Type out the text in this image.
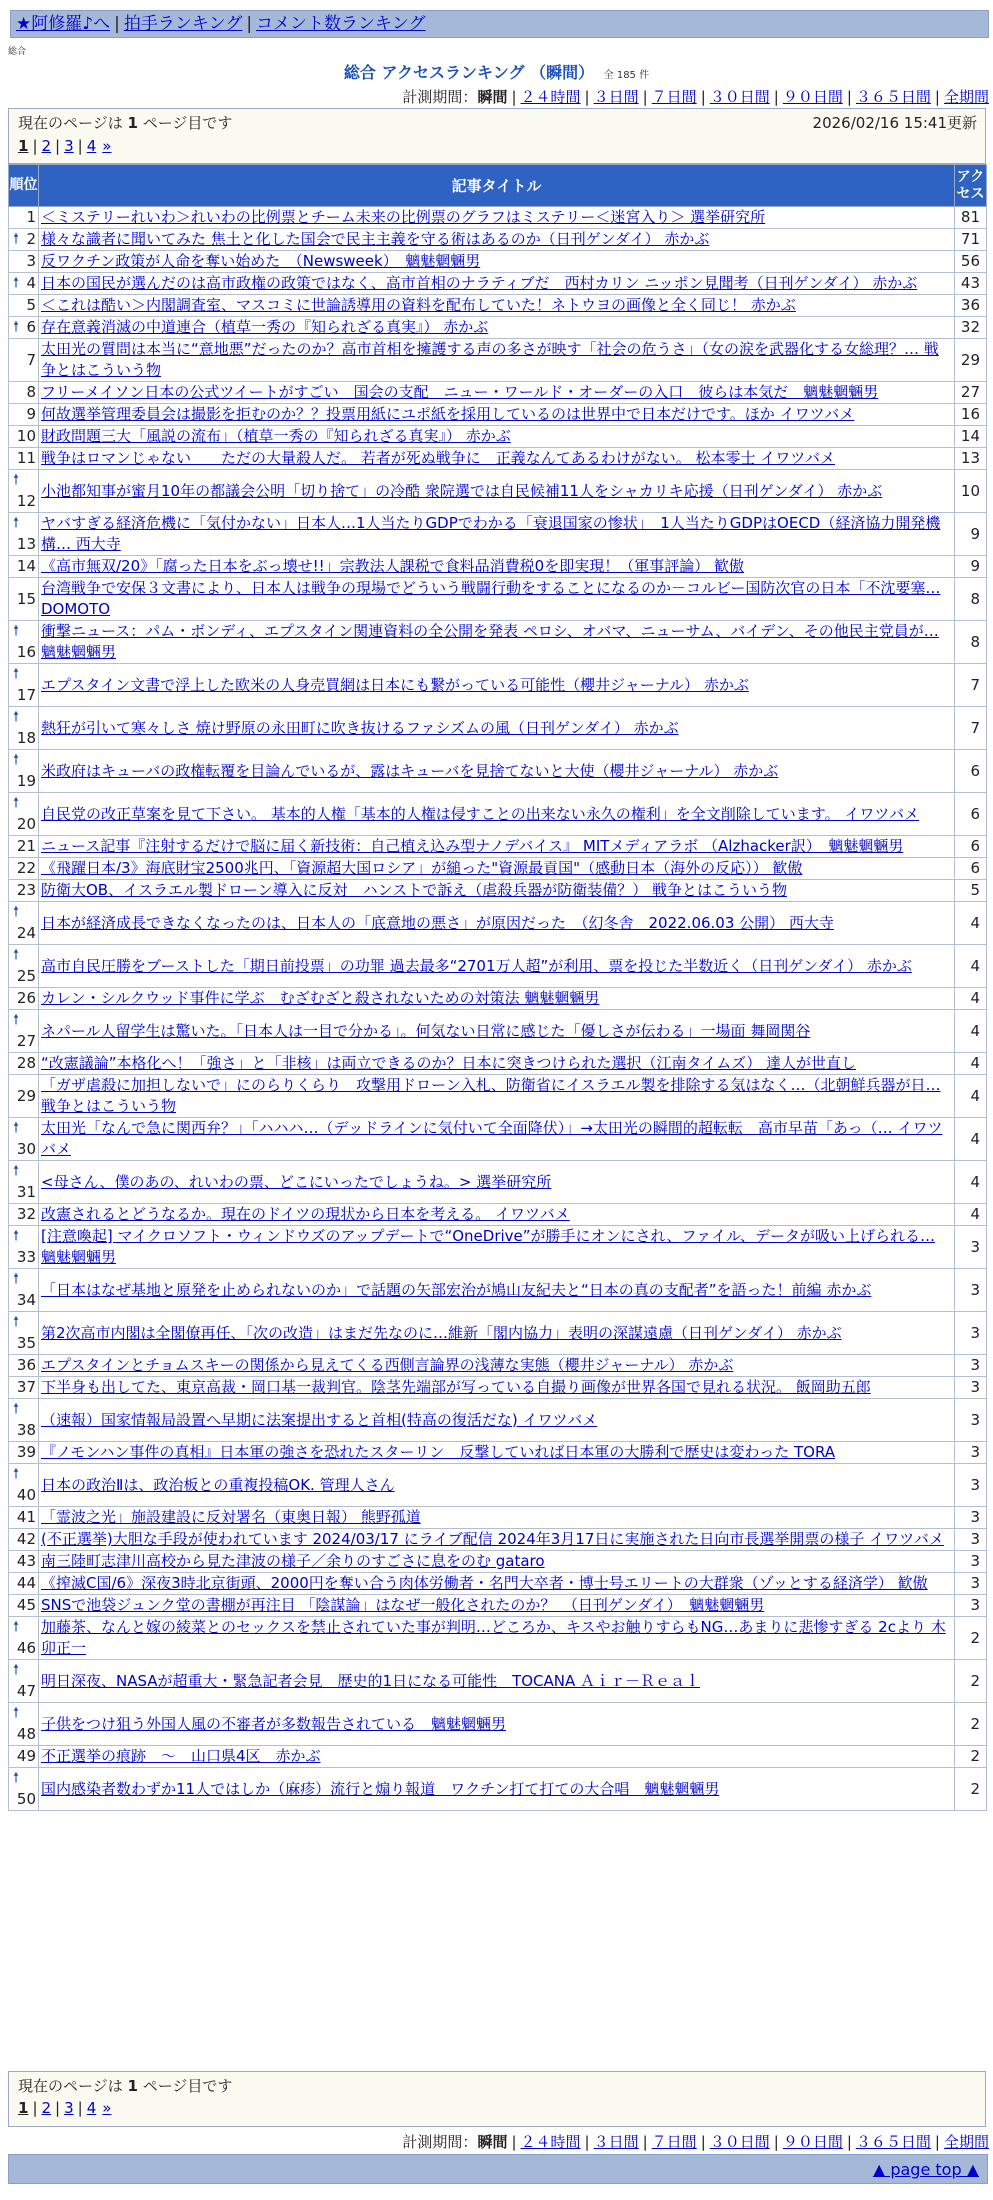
★阿修羅♪へ | 拍手ランキング | コメント数ランキング
総合
総合 アクセスランキング （瞬間） 全 185 件
計測期間：瞬間 | ２４時間 | ３日間 | ７日間 | ３０日間 | ９０日間 | ３６５日間 | 全期間
現在のページは 1 ページ目です	2026/02/16 15:41更新
1 | 2 | 3 | 4 »
順位	記事タイトル	アクセス
1	＜ミステリーれいわ＞れいわの比例票とチーム未来の比例票のグラフはミステリー＜迷宮入り＞ 選挙研究所	81

🠕 2	様々な識者に聞いてみた 焦土と化した国会で民主主義を守る術はあるのか（日刊ゲンダイ） 赤かぶ	71
3	反ワクチン政策が人命を奪い始めた　（Newsweek）　魑魅魍魎男	56

🠕 4	日本の国民が選んだのは高市政権の政策ではなく、高市首相のナラティブだ　西村カリン ニッポン見聞考（日刊ゲンダイ） 赤かぶ	43
5	＜これは酷い＞内閣調査室、マスコミに世論誘導用の資料を配布していた！ネトウヨの画像と全く同じ！ 赤かぶ	36

🠕 6	存在意義消滅の中道連合（植草一秀の『知られざる真実』） 赤かぶ	32
7	太田光の質問は本当に“意地悪”だったのか？高市首相を擁護する声の多さが映す「社会の危うさ」（女の涙を武器化する女総理？… 戦争とはこういう物	29
8	フリーメイソン日本の公式ツイートがすごい　国会の支配　ニュー・ワールド・オーダーの入口　彼らは本気だ　魑魅魍魎男	27
9	何故選挙管理委員会は撮影を拒むのか？？投票用紙にユポ紙を採用しているのは世界中で日本だけです。ほか イワツバメ	16
10	財政問題三大「風説の流布」（植草一秀の『知られざる真実』） 赤かぶ	14
11	戦争はロマンじゃない　　ただの大量殺人だ。 若者が死ぬ戦争に　正義なんてあるわけがない。 松本零士 イワツバメ	13

🠕
12	小池都知事が蜜月10年の都議会公明「切り捨て」の冷酷 衆院選では自民候補11人をシャカリキ応援（日刊ゲンダイ） 赤かぶ	10

🠕
13	ヤバすぎる経済危機に「気付かない」日本人…1人当たりGDPでわかる「衰退国家の惨状」　1人当たりGDPはOECD（経済協力開発機構… 西大寺	9
14	《高市無双/20》「腐った日本をぶっ壊せ!!」宗教法人課税で食料品消費税0を即実現！（軍事評論） 歓傲	9
15	台湾戦争で安保３文書により、日本人は戦争の現場でどういう戦闘行動をすることになるのか－コルビー国防次官の日本「不沈要塞… DOMOTO	8

🠕
16	衝撃ニュース：パム・ボンディ、エプスタイン関連資料の全公開を発表 ペロシ、オバマ、ニューサム、バイデン、その他民主党員が… 魑魅魍魎男	8

🠕
17	エプスタイン文書で浮上した欧米の人身売買網は日本にも繋がっている可能性（櫻井ジャーナル） 赤かぶ	7

🠕
18	熱狂が引いて寒々しさ 焼け野原の永田町に吹き抜けるファシズムの風（日刊ゲンダイ） 赤かぶ	7

🠕
19	米政府はキューバの政権転覆を目論んでいるが、露はキューバを見捨てないと大使（櫻井ジャーナル） 赤かぶ	6

🠕
20	自民党の改正草案を見て下さい。 基本的人権「基本的人権は侵すことの出来ない永久の権利」を全文削除しています。 イワツバメ	6
21	ニュース記事『注射するだけで脳に届く新技術：自己植え込み型ナノデバイス』 MITメディアラボ （Alzhacker訳）　魑魅魍魎男	6
22	《飛躍日本/3》海底財宝2500兆円、「資源超大国ロシア」が縋った"資源最貢国"（感動日本（海外の反応）） 歓傲	6
23	防衛大OB、イスラエル製ドローン導入に反対　ハンストで訴え（虐殺兵器が防衛装備？） 戦争とはこういう物	5

🠕
24	日本が経済成長できなくなったのは、日本人の「底意地の悪さ」が原因だった　（幻冬舎　2022.06.03 公開） 西大寺	4

🠕
25	高市自民圧勝をブーストした「期日前投票」の功罪 過去最多“2701万人超”が利用、票を投じた半数近く（日刊ゲンダイ） 赤かぶ	4
26	カレン・シルクウッド事件に学ぶ　むざむざと殺されないための対策法 魑魅魍魎男	4

🠕
27	ネパール人留学生は驚いた。「日本人は一目で分かる」。何気ない日常に感じた「優しさが伝わる」一場面 舞岡関谷	4
28	“改憲議論”本格化へ！「強さ」と「非核」は両立できるのか？日本に突きつけられた選択（江南タイムズ） 達人が世直し	4
29	「ガザ虐殺に加担しないで」にのらりくらり　攻撃用ドローン入札、防衛省にイスラエル製を排除する気はなく…（北朝鮮兵器が日… 戦争とはこういう物	4

🠕
30	太田光「なんで急に関西弁？」「ハハハ…（デッドラインに気付いて全面降伏）」→太田光の瞬間的超転転　高市早苗「あっ（… イワツバメ	4

🠕
31	<母さん、僕のあの、れいわの票、どこにいったでしょうね。> 選挙研究所	4
32	改憲されるとどうなるか。現在のドイツの現状から日本を考える。 イワツバメ	4

🠕
33	[注意喚起] マイクロソフト・ウィンドウズのアップデートで“OneDrive”が勝手にオンにされ、ファイル、データが吸い上げられる… 魑魅魍魎男	3

🠕
34	「日本はなぜ基地と原発を止められないのか」で話題の矢部宏治が鳩山友紀夫と“日本の真の支配者”を語った！前編 赤かぶ	3

🠕
35	第2次高市内閣は全閣僚再任、「次の改造」はまだ先なのに…維新「閣内協力」表明の深謀遠慮（日刊ゲンダイ） 赤かぶ	3
36	エプスタインとチョムスキーの関係から見えてくる西側言論界の浅薄な実態（櫻井ジャーナル） 赤かぶ	3
37	下半身も出してた、東京高裁・岡口基一裁判官。陰茎先端部が写っている自撮り画像が世界各国で見れる状況。 飯岡助五郎	3

🠕
38	（速報）国家情報局設置へ早期に法案提出すると首相(特高の復活だな) イワツバメ	3
39	『ノモンハン事件の真相』日本軍の強さを恐れたスターリン　反撃していれば日本軍の大勝利で歴史は変わった TORA	3

🠕
40	日本の政治Ⅱは、政治板との重複投稿OK. 管理人さん	3
41	「霊波之光」施設建設に反対署名（東奥日報） 熊野孤道	3
42	(不正選挙)大胆な手段が使われています 2024/03/17 にライブ配信 2024年3月17日に実施された日向市長選挙開票の様子 イワツバメ	3
43	南三陸町志津川高校から見た津波の様子／余りのすごさに息をのむ gataro	3
44	《搾滅C国/6》深夜3時北京街頭、2000円を奪い合う肉体労働者・名門大卒者・博士号エリートの大群衆（ゾッとする経済学） 歓傲	3
45	SNSで池袋ジュンク堂の書棚が再注目 「陰謀論」はなぜ一般化されたのか？　（日刊ゲンダイ）　魑魅魍魎男	3

🠕
46	加藤茶、なんと嫁の綾菜とのセックスを禁止されていた事が判明…どころか、キスやお触りすらもNG…あまりに悲惨すぎる 2cより 木卯正一	2

🠕
47	明日深夜、NASAが超重大・緊急記者会見　歴史的1日になる可能性　TOCANA Ａｉｒ－Ｒｅａｌ	2

🠕
48	子供をつけ狙う外国人風の不審者が多数報告されている　魑魅魍魎男	2
49	不正選挙の痕跡　～　山口県4区　赤かぶ	2

🠕
50	国内感染者数わずか11人ではしか（麻疹）流行と煽り報道　ワクチン打て打ての大合唱　魑魅魍魎男	2
現在のページは 1 ページ目です
1 | 2 | 3 | 4 »
計測期間：瞬間 | ２４時間 | ３日間 | ７日間 | ３０日間 | ９０日間 | ３６５日間 | 全期間
▲ page top ▲
